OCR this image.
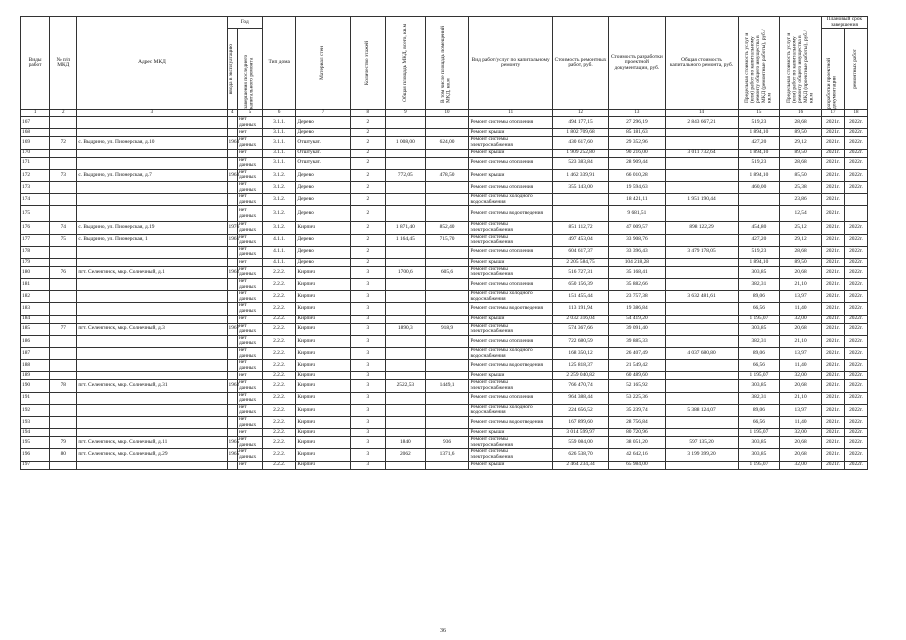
Виды работ	№ п/п МКД	Адрес МКД	Год		Тип дома	Материал стен	Количество этажей	Общая площадь МКД, всего, кв.м	В том числе площадь помещений МКД, кв.м	Вид работ/услуг по капитальному ремонту	Стоимость ремонтных работ, руб.	Стоимость разработки проектной документации, руб.	Общая стоимость капитального ремонта, руб.	Предельная стоимость услуг и (или) работ по капитальному ремонту общего имущества в МКД (ремонтные работы), руб./кв.м	Предельная стоимость услуг и (или) работ по капитальному ремонту общего имущества в МКД (проектные работы), руб./кв.м	Плановый срок завершения	

			ввода в эксплуатацию	завершения последнего капитального ремонта												разработки проектной документации	ремонтных работ

1	2	3	4	5	6	7	8	9	10	11	12	13	14	15	16	17	18
167				нет данных	3.1.1.	Дерево	2			Ремонт системы отопления	494 177,15	27 296,19	2 843 667,21	519,23	28,68	2021г.	2022г.
168				нет	3.1.1.	Дерево	2			Ремонт крыши	1 802 709,68	85 181,63		1 894,10	89,50	2021г.	2022г.
169	72	с. Выдрино, ул. Пионерская, д.10	1963	нет данных	3.1.1.	Отштукат.	2	1 008,00	624,00	Ремонт системы электроснабжения	430 617,60	29 352,96		427,20	29,12	2021г.	2022г.
170				нет	3.1.1.	Отштукат.	2			Ремонт крыши	1 909 252,80	90 216,00	3 011 732,64	1 894,10	89,50	2021г.	2022г.
171				нет данных	3.1.1.	Отштукат.	2			Ремонт системы отопления	523 383,84	28 909,44		519,23	28,68	2021г.	2022г.
172	73	с. Выдрино, ул. Пионерская, д.7	1963	нет данных	3.1.2.	Дерево	2	772,05	478,50	Ремонт крыши	1 462 339,91	66 010,28		1 894,10	85,50	2021г.	2022г.
173				нет данных	3.1.2.	Дерево	2			Ремонт системы отопления	355 143,00	19 594,63		460,00	25,38	2021г.	2022г.
174				нет данных	3.1.2.	Дерево	2			Ремонт системы холодного водоснабжения		18 421,11	1 951 190,44		23,86	2021г.	
175				нет данных	3.1.2.	Дерево	2			Ремонт системы водоотведения		9 681,51			12,54	2021г.	
176	74	с. Выдрино, ул. Пионерская, д.19	1976	нет данных	3.1.2.	Кирпич	2	1 871,40	852,40	Ремонт системы электроснабжения	851 112,72	47 009,57	898 122,29	454,80	25,12	2021г.	2022г.
177	75	с. Выдрино, ул. Пионерская, 1	1961	нет данных	4.1.1.	Дерево	2	1 164,45	715,70	Ремонт системы электроснабжения	497 453,04	33 908,76		427,20	29,12	2021г.	2022г.
178				нет данных	4.1.1.	Дерево	2			Ремонт системы отопления	604 617,37	33 396,43	3 479 178,05	519,23	28,68	2021г.	2022г.
179				нет	4.1.1.	Дерево	2			Ремонт крыши	2 205 584,75	104 218,28		1 894,10	89,50	2021г.	2022г.
180	76	пгт. Селенгинск, мкр. Солнечный, д.1	1962	нет данных	2.2.2.	Кирпич	3	1700,6	605,6	Ремонт системы электроснабжения	516 727,31	35 168,41		303,85	20,68	2021г.	2022г.
181				нет данных	2.2.2.	Кирпич	3			Ремонт системы отопления	650 156,39	35 882,66		382,31	21,10	2021г.	2022г.
182				нет данных	2.2.2.	Кирпич	3			Ремонт системы холодного водоснабжения	151 455,44	23 757,38	3 632 481,61	89,06	13,97	2021г.	2022г.
183				нет данных	2.2.2.	Кирпич	3			Ремонт системы водоотведения	113 191,94	19 386,84		66,56	11,40	2021г.	2022г.
184				нет	2.2.2.	Кирпич	3			Ремонт крыши	2 032 316,04	54 419,20		1 195,07	32,00	2021г.	2022г.
185	77	пгт. Селенгинск, мкр. Солнечный, д.3	1967	нет данных	2.2.2.	Кирпич	3	1890,3	918,9	Ремонт системы электроснабжения	574 367,66	39 091,40		303,85	20,68	2021г.	2022г.
186				нет данных	2.2.2.	Кирпич	3			Ремонт системы отопления	722 680,59	39 885,33		382,31	21,10	2021г.	2022г.
187				нет данных	2.2.2.	Кирпич	3			Ремонт системы холодного водоснабжения	168 350,12	26 407,49	4 037 680,80	89,06	13,97	2021г.	2022г.
188				нет данных	2.2.2.	Кирпич	3			Ремонт системы водоотведения	125 818,37	21 549,42		66,56	11,40	2021г.	2022г.
189				нет	2.2.2.	Кирпич	3			Ремонт крыши	2 259 040,82	60 489,60		1 195,07	32,00	2021г.	2022г.
190	78	пгт. Селенгинск, мкр. Солнечный, д.31	1962	нет данных	2.2.2.	Кирпич	3	2522,53	1449,1	Ремонт системы электроснабжения	766 470,74	52 165,92		303,85	20,68	2021г.	2022г.
191				нет данных	2.2.2.	Кирпич	3			Ремонт системы отопления	964 388,44	53 225,36		382,31	21,10	2021г.	2022г.
192				нет данных	2.2.2.	Кирпич	3			Ремонт системы холодного водоснабжения	224 656,52	35 239,74	5 388 124,07	89,06	13,97	2021г.	2022г.
193				нет данных	2.2.2.	Кирпич	3			Ремонт системы водоотведения	167 899,60	28 756,84		66,56	11,40	2021г.	2022г.
194				нет	2.2.2.	Кирпич	3			Ремонт крыши	3 014 599,97	80 720,96		1 195,07	32,00	2021г.	2022г.
195	79	пгт. Селенгинск, мкр. Солнечный, д.11	1965	нет данных	2.2.2.	Кирпич	3	1840	936	Ремонт системы электроснабжения	559 084,00	38 051,20	597 135,20	303,85	20,68	2021г.	2022г.
196	80	пгт. Селенгинск, мкр. Солнечный, д.29	1965	нет данных	2.2.2.	Кирпич	3	2062	1371,6	Ремонт системы электроснабжения	626 538,70	42 642,16	3 199 399,20	303,85	20,68	2021г.	2022г.
197				нет	2.2.2.	Кирпич	3			Ремонт крыши	2 464 234,34	65 984,00		1 195,07	32,00	2021г.	2022г.
36
